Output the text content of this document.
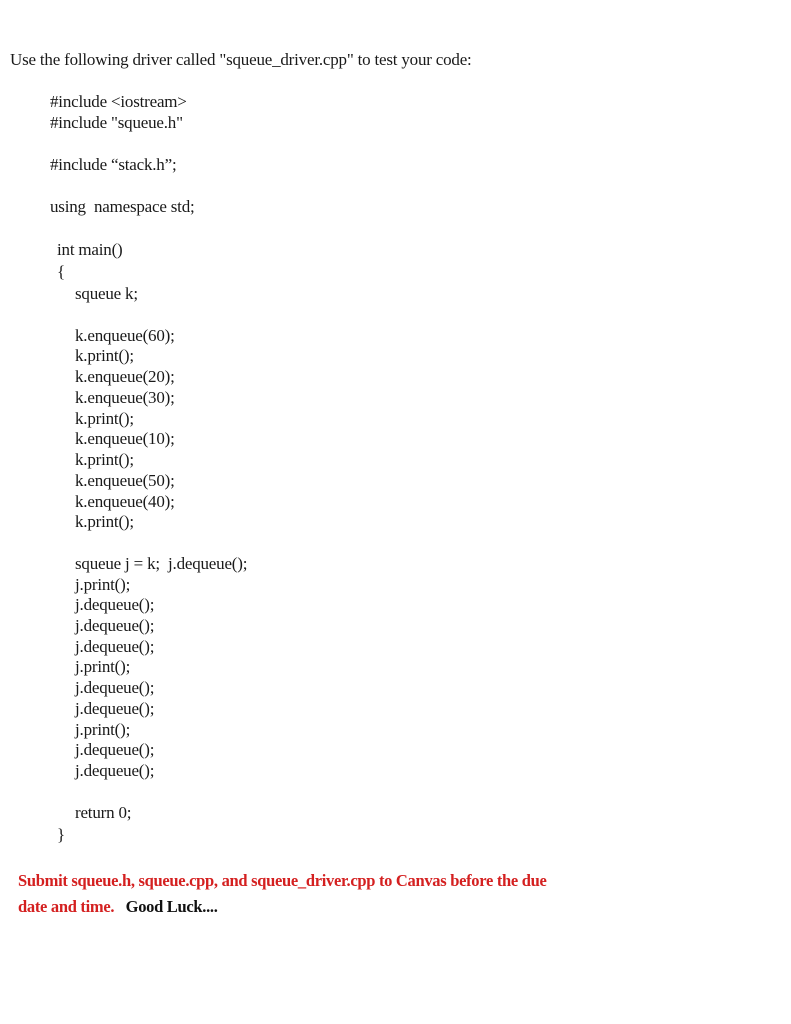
Use the following driver called "squeue_driver.cpp" to test your code:
#include <iostream>
#include "squeue.h"
#include “stack.h”;
using  namespace std;
int main()
{
squeue k;
k.enqueue(60);
k.print();
k.enqueue(20);
k.enqueue(30);
k.print();
k.enqueue(10);
k.print();
k.enqueue(50);
k.enqueue(40);
k.print();
squeue j = k;  j.dequeue();
j.print();
j.dequeue();
j.dequeue();
j.dequeue();
j.print();
j.dequeue();
j.dequeue();
j.print();
j.dequeue();
j.dequeue();
return 0;
}
Submit squeue.h, squeue.cpp, and squeue_driver.cpp to Canvas before the due
date and time. Good Luck....
